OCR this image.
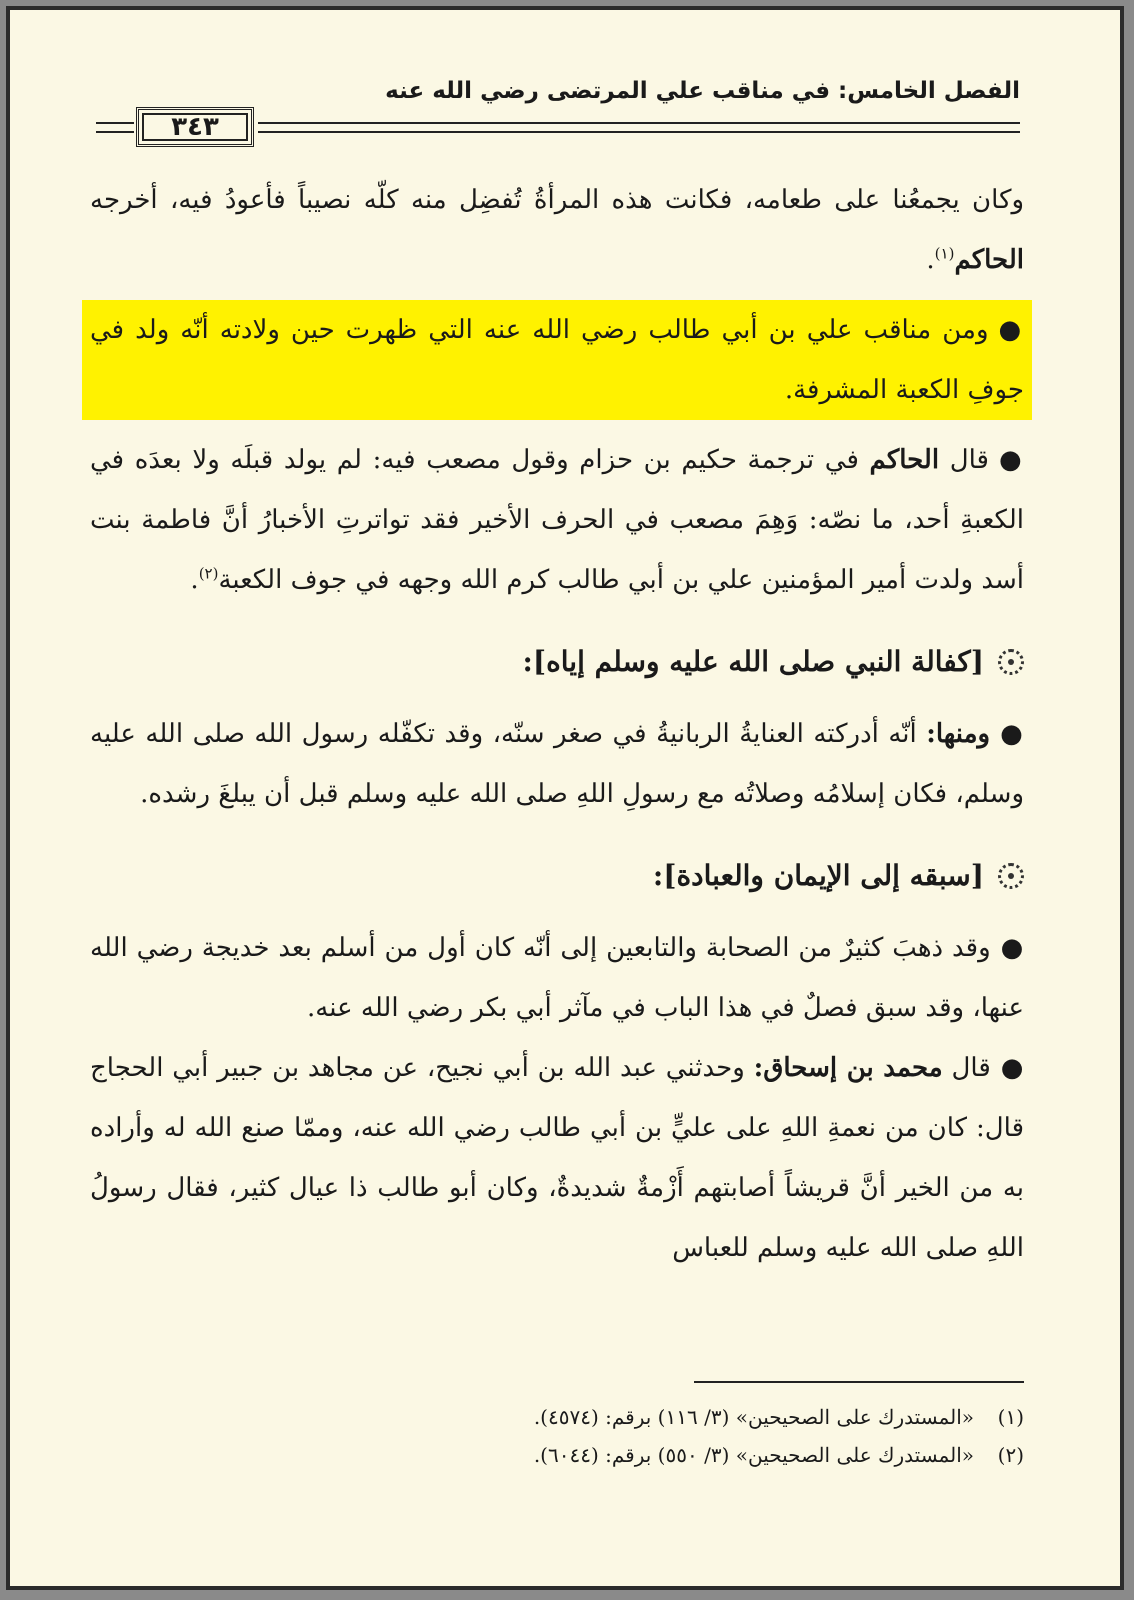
الفصل الخامس: في مناقب علي المرتضى رضي الله عنه
٣٤٣

وكان يجمعُنا على طعامه، فكانت هذه المرأةُ تُفضِل منه كلّه نصيباً فأعودُ فيه، أخرجه الحاكم$^{(١)}$.

●ومن مناقب علي بن أبي طالب رضي الله عنه التي ظهرت حين ولادته أنّه ولد في جوفِ الكعبة المشرفة.

●قال الحاكم في ترجمة حكيم بن حزام وقول مصعب فيه: لم يولد قبلَه ولا بعدَه في الكعبةِ أحد، ما نصّه: وَهِمَ مصعب في الحرف الأخير فقد تواترتِ الأخبارُ أنَّ فاطمة بنت أسد ولدت أمير المؤمنين علي بن أبي طالب كرم الله وجهه في جوف الكعبة$^{(٢)}$.

[كفالة النبي صلى الله عليه وسلم إياه]:

●ومنها: أنّه أدركته العنايةُ الربانيةُ في صغر سنّه، وقد تكفّله رسول الله صلى الله عليه وسلم، فكان إسلامُه وصلاتُه مع رسولِ اللهِ صلى الله عليه وسلم قبل أن يبلغَ رشده.

[سبقه إلى الإيمان والعبادة]:

●وقد ذهبَ كثيرٌ من الصحابة والتابعين إلى أنّه كان أول من أسلم بعد خديجة رضي الله عنها، وقد سبق فصلٌ في هذا الباب في مآثر أبي بكر رضي الله عنه.

●قال محمد بن إسحاق: وحدثني عبد الله بن أبي نجيح، عن مجاهد بن جبير أبي الحجاج قال: كان من نعمةِ اللهِ على عليٍّ بن أبي طالب رضي الله عنه، وممّا صنع الله له وأراده به من الخير أنَّ قريشاً أصابتهم أَزْمةٌ شديدةٌ، وكان أبو طالب ذا عيال كثير، فقال رسولُ اللهِ صلى الله عليه وسلم للعباس

(١)«المستدرك على الصحيحين» (٣/ ١١٦) برقم: (٤٥٧٤).
(٢)«المستدرك على الصحيحين» (٣/ ٥٥٠) برقم: (٦٠٤٤).
